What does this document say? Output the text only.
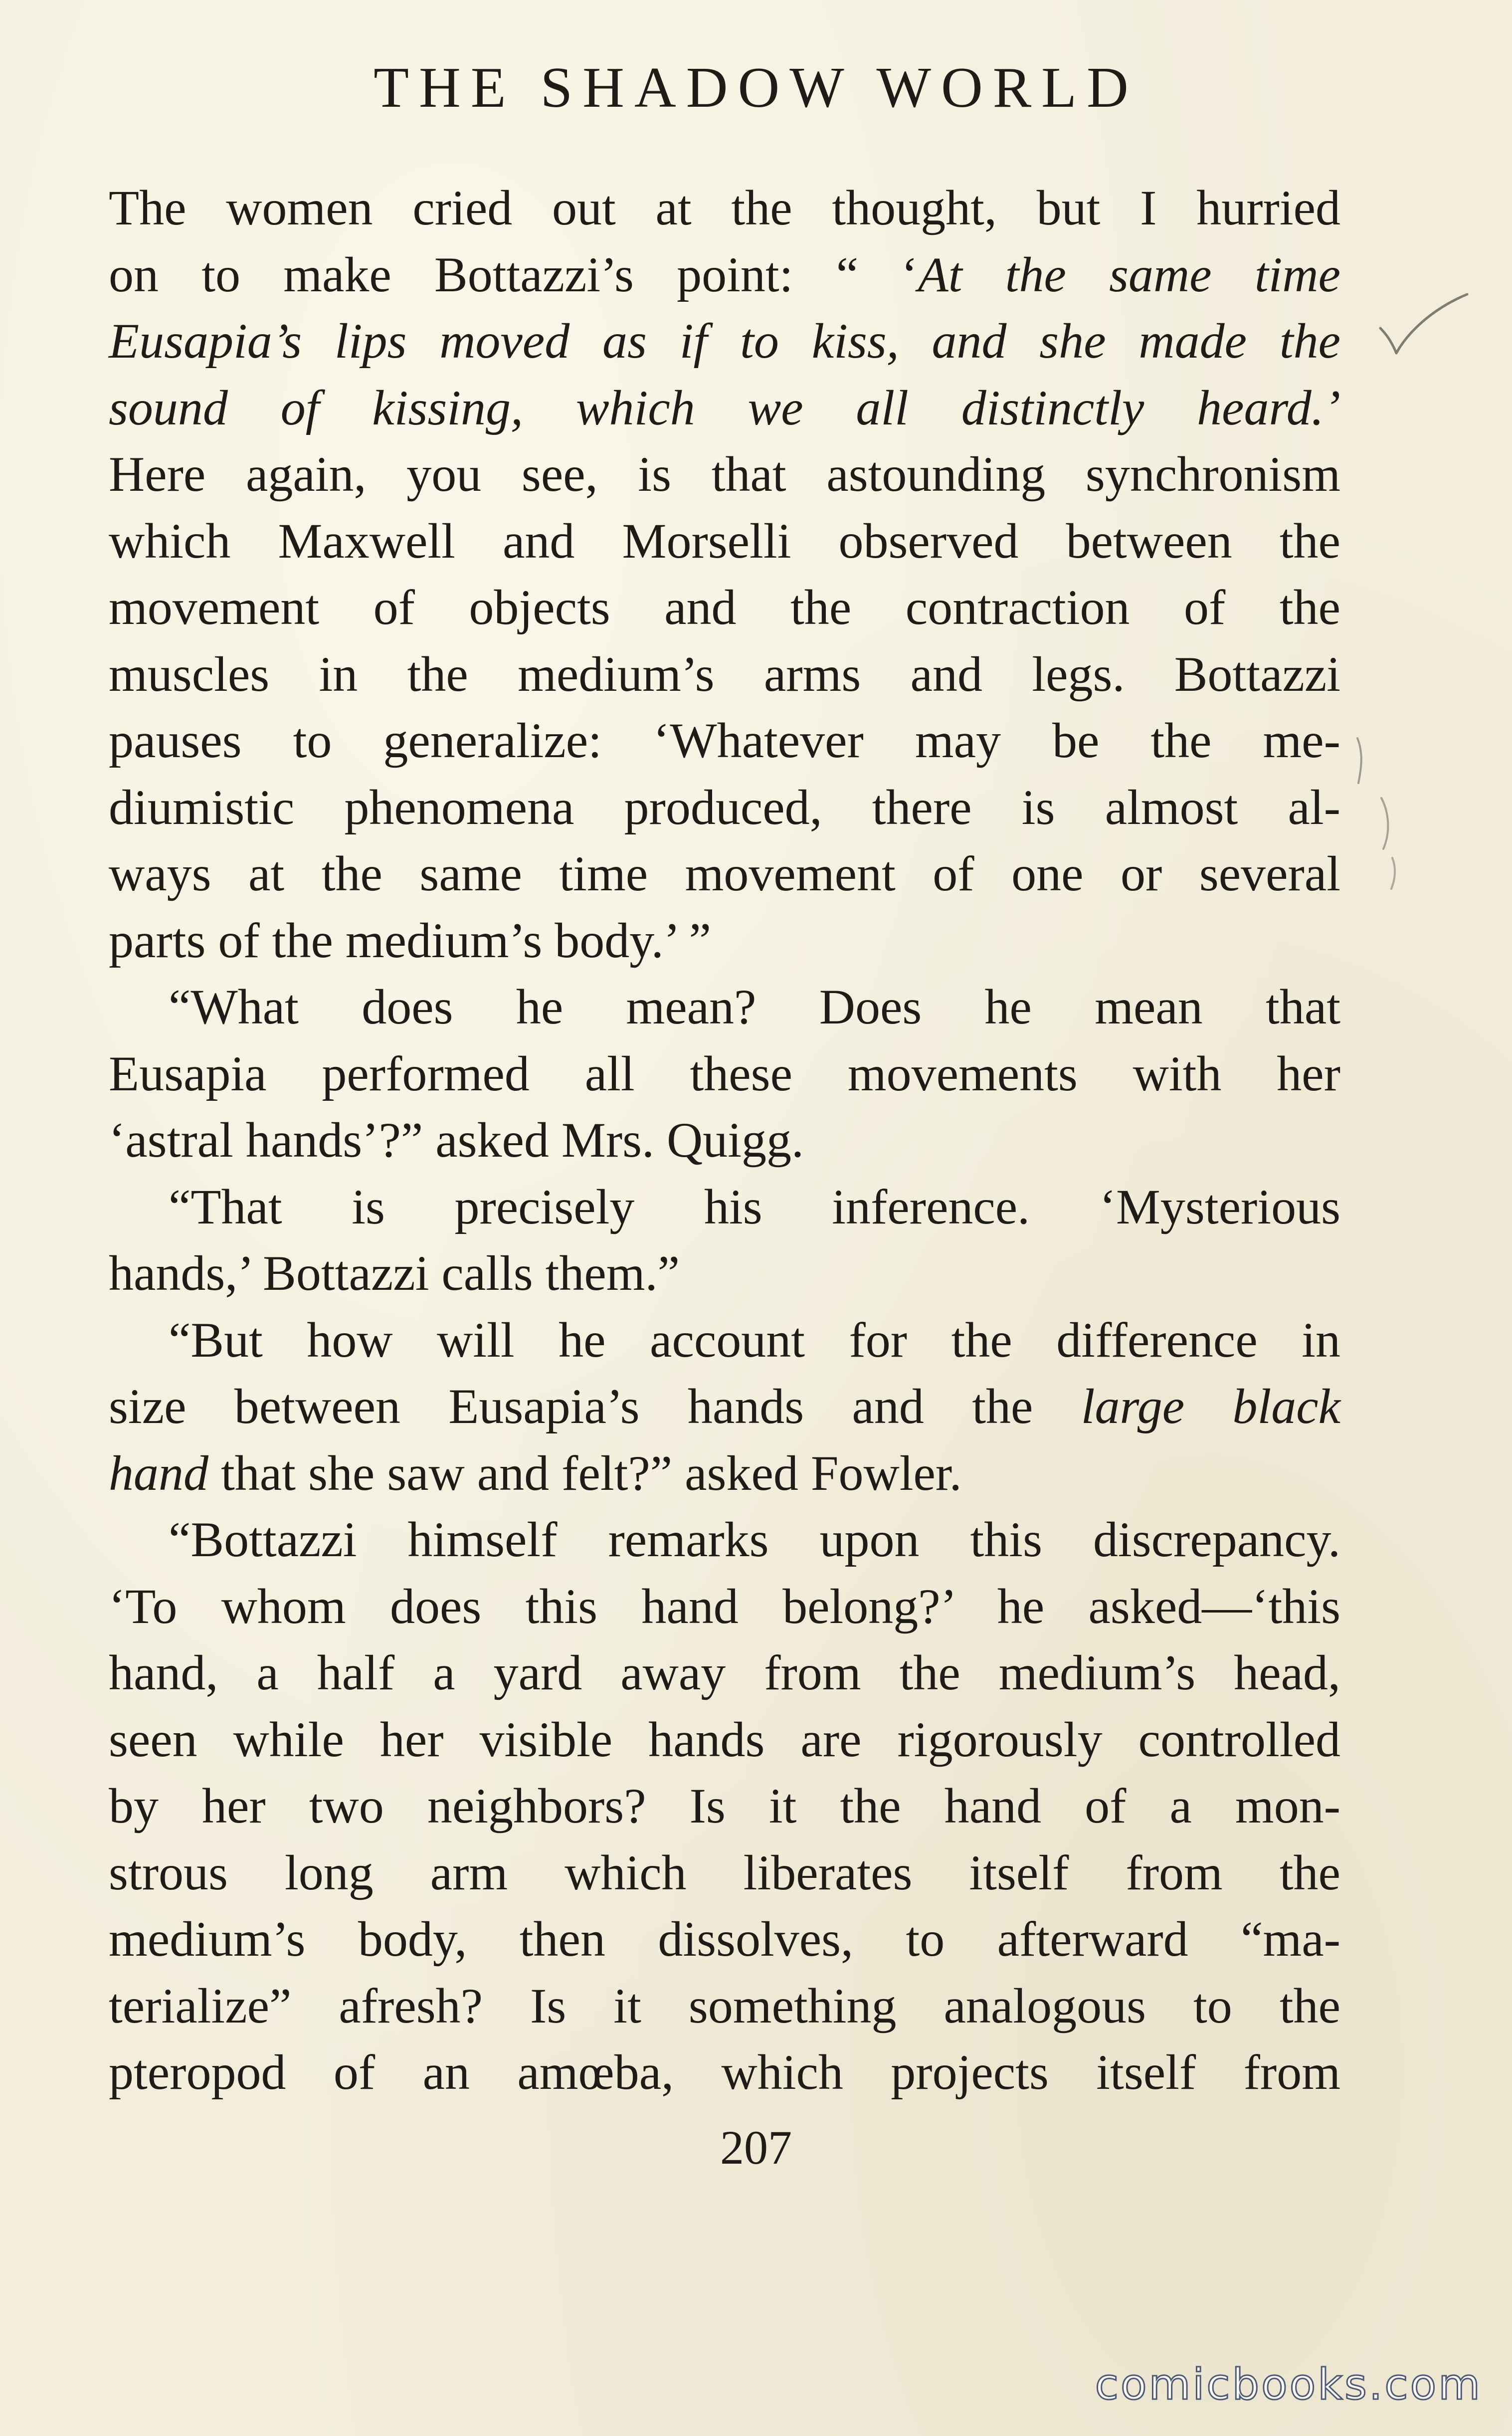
THE SHADOW WORLD
The women cried out at the thought, but I hurried
on to make Bottazzi’s point: “ ‘At the same time
Eusapia’s lips moved as if to kiss, and she made the
sound of kissing, which we all distinctly heard.’
Here again, you see, is that astounding synchronism
which Maxwell and Morselli observed between the
movement of objects and the contraction of the
muscles in the medium’s arms and legs. Bottazzi
pauses to generalize: ‘Whatever may be the me-
diumistic phenomena produced, there is almost al-
ways at the same time movement of one or several
parts of the medium’s body.’ ”
“What does he mean? Does he mean that
Eusapia performed all these movements with her
‘astral hands’?” asked Mrs. Quigg.
“That is precisely his inference. ‘Mysterious
hands,’ Bottazzi calls them.”
“But how will he account for the difference in
size between Eusapia’s hands and the large black
hand that she saw and felt?” asked Fowler.
“Bottazzi himself remarks upon this discrepancy.
‘To whom does this hand belong?’ he asked—‘this
hand, a half a yard away from the medium’s head,
seen while her visible hands are rigorously controlled
by her two neighbors? Is it the hand of a mon-
strous long arm which liberates itself from the
medium’s body, then dissolves, to afterward “ma-
terialize” afresh? Is it something analogous to the
pteropod of an amœba, which projects itself from
207
comicbooks.com
